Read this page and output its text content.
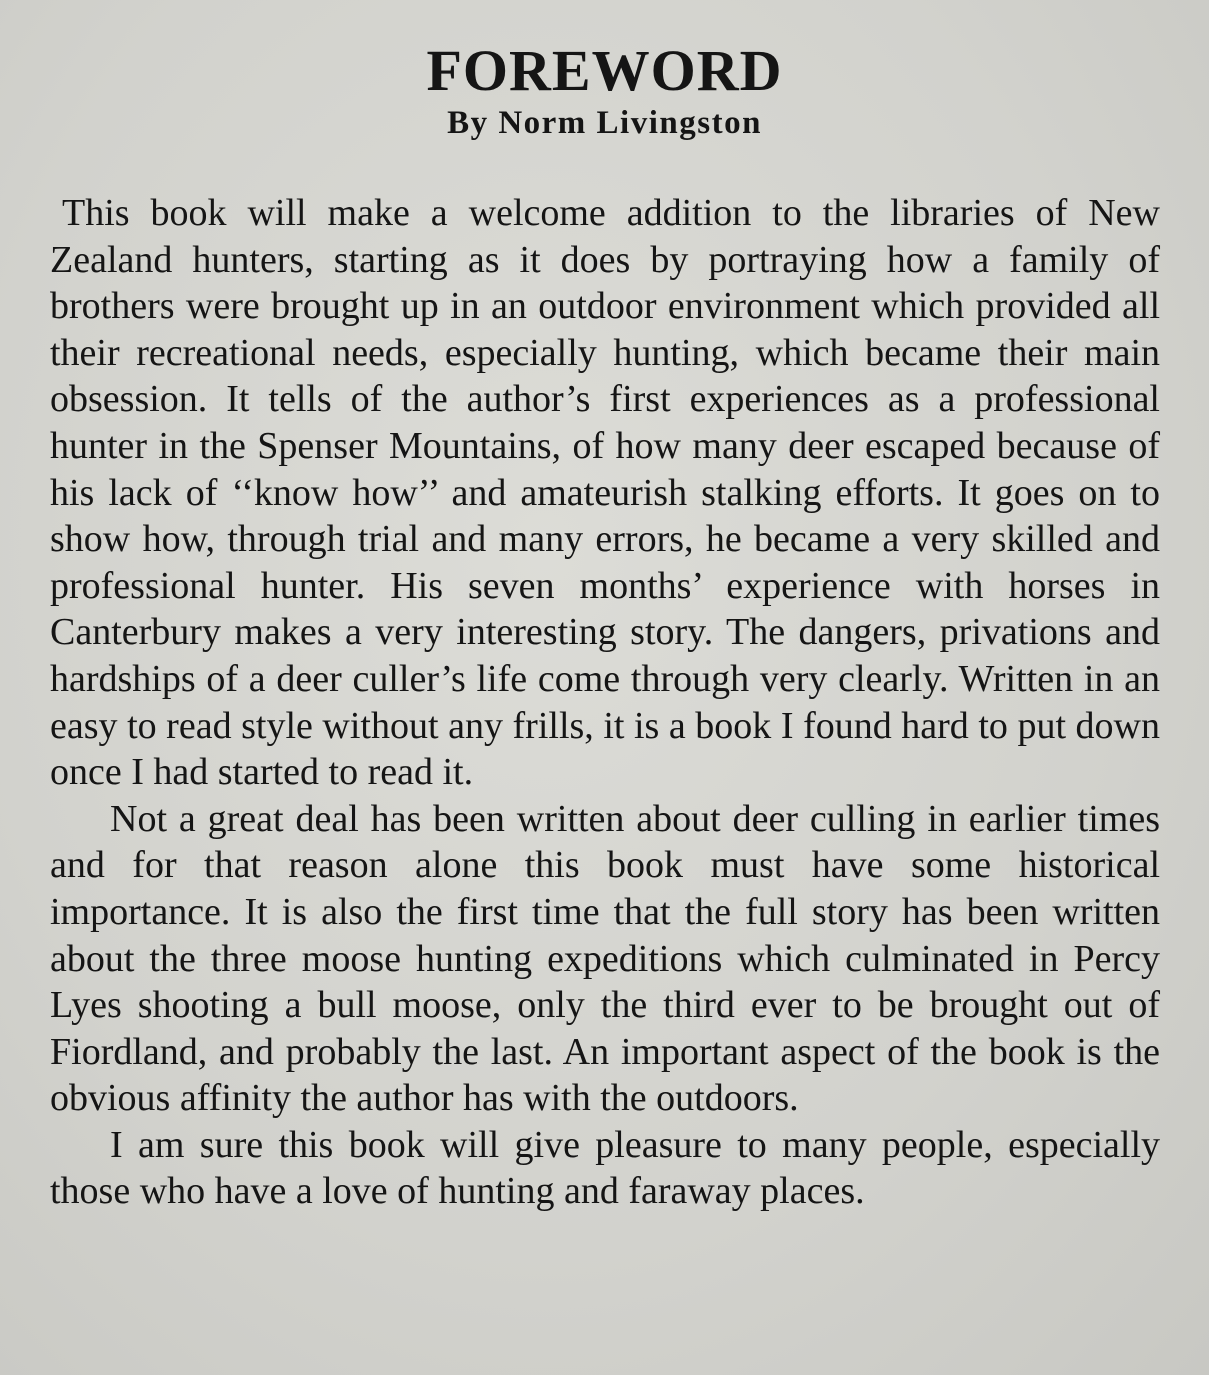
FOREWORD

By Norm Livingston

This book will make a welcome addition to the libraries of New Zealand hunters, starting as it does by portraying how a family of brothers were brought up in an outdoor environment which provided all their recreational needs, especially hunting, which became their main obsession. It tells of the author’s first experiences as a professional hunter in the Spenser Mountains, of how many deer escaped because of his lack of ‘‘know how’’ and amateurish stalking efforts. It goes on to show how, through trial and many errors, he became a very skilled and professional hunter. His seven months’ experience with horses in Canterbury makes a very interesting story. The dangers, privations and hardships of a deer culler’s life come through very clearly. Written in an easy to read style without any frills, it is a book I found hard to put down once I had started to read it.

Not a great deal has been written about deer culling in earlier times and for that reason alone this book must have some historical importance. It is also the first time that the full story has been written about the three moose hunting expeditions which culminated in Percy Lyes shooting a bull moose, only the third ever to be brought out of Fiordland, and probably the last. An important aspect of the book is the obvious affinity the author has with the outdoors.

I am sure this book will give pleasure to many people, especially those who have a love of hunting and faraway places.
